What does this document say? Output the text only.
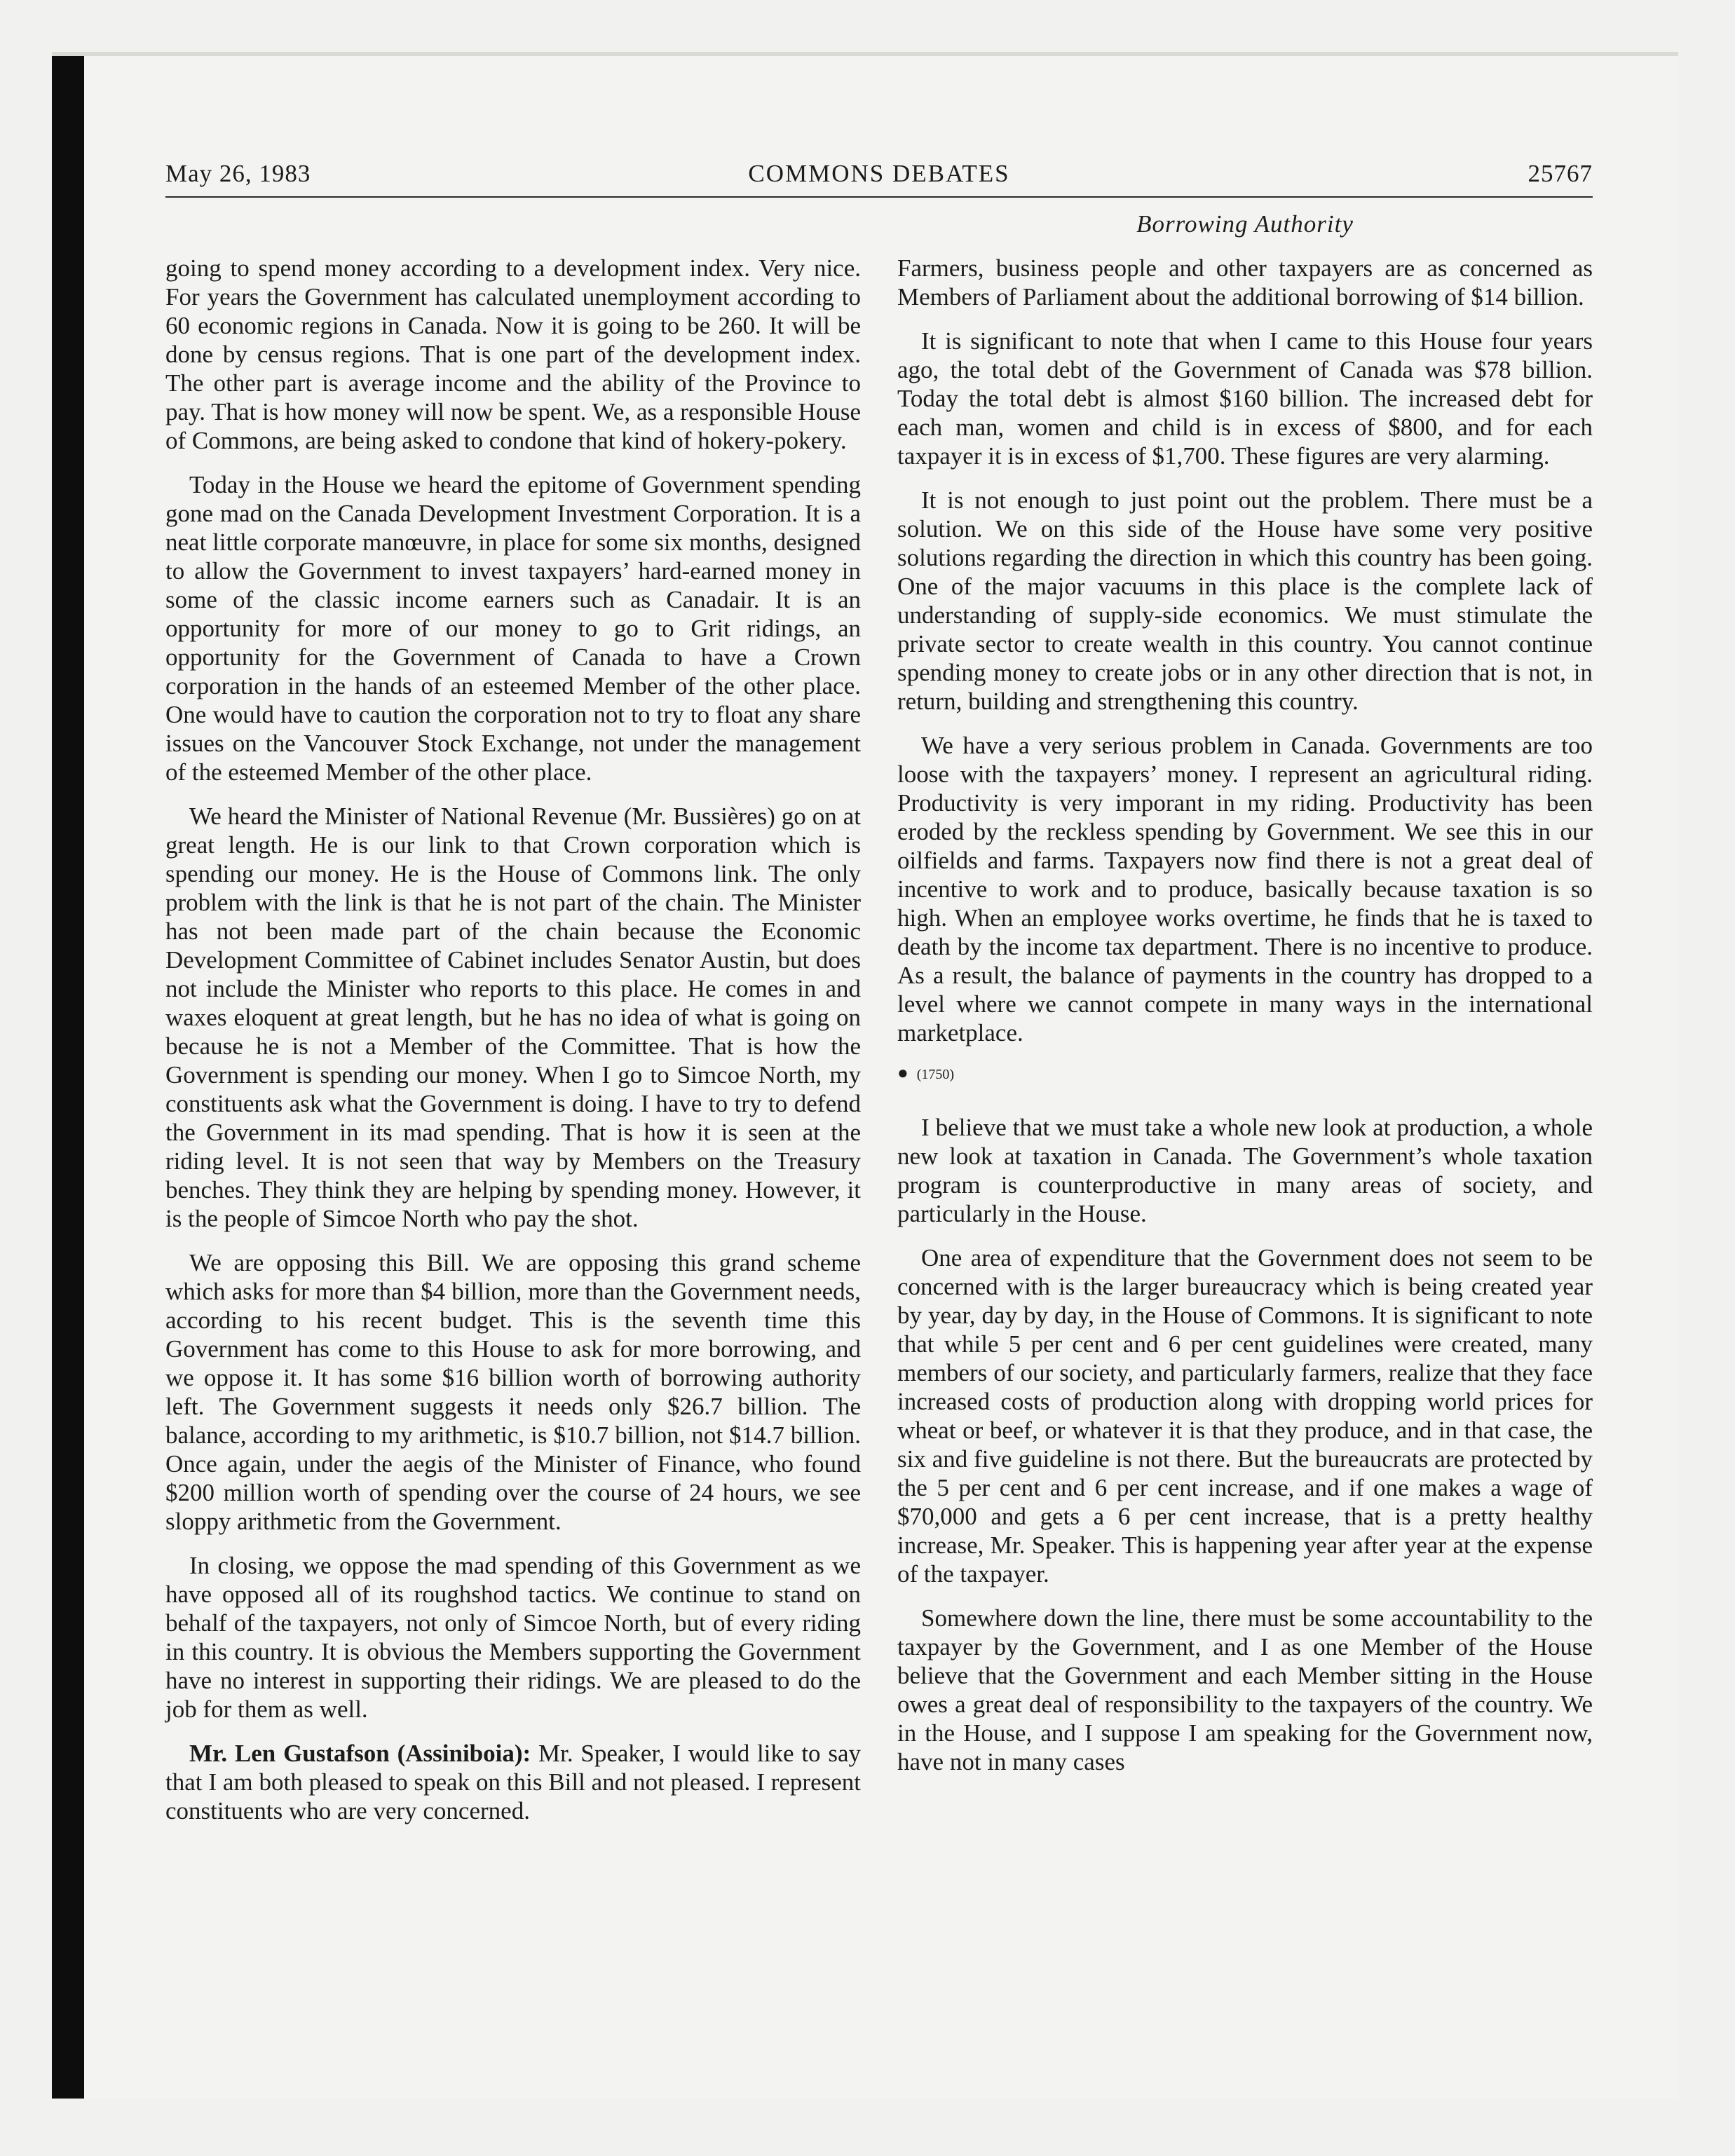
May 26, 1983	COMMONS DEBATES	25767
Borrowing Authority

going to spend money according to a development index. Very nice. For years the Government has calculated unemployment according to 60 economic regions in Canada. Now it is going to be 260. It will be done by census regions. That is one part of the development index. The other part is average income and the ability of the Province to pay. That is how money will now be spent. We, as a responsible House of Commons, are being asked to condone that kind of hokery-pokery.

Today in the House we heard the epitome of Government spending gone mad on the Canada Development Investment Corporation. It is a neat little corporate manœuvre, in place for some six months, designed to allow the Government to invest taxpayers’ hard-earned money in some of the classic income earners such as Canadair. It is an opportunity for more of our money to go to Grit ridings, an opportunity for the Government of Canada to have a Crown corporation in the hands of an esteemed Member of the other place. One would have to caution the corporation not to try to float any share issues on the Vancouver Stock Exchange, not under the management of the esteemed Member of the other place.

We heard the Minister of National Revenue (Mr. Bussières) go on at great length. He is our link to that Crown corporation which is spending our money. He is the House of Commons link. The only problem with the link is that he is not part of the chain. The Minister has not been made part of the chain because the Economic Development Committee of Cabinet includes Senator Austin, but does not include the Minister who reports to this place. He comes in and waxes eloquent at great length, but he has no idea of what is going on because he is not a Member of the Committee. That is how the Government is spending our money. When I go to Simcoe North, my constituents ask what the Government is doing. I have to try to defend the Government in its mad spending. That is how it is seen at the riding level. It is not seen that way by Members on the Treasury benches. They think they are helping by spending money. However, it is the people of Simcoe North who pay the shot.

We are opposing this Bill. We are opposing this grand scheme which asks for more than $4 billion, more than the Government needs, according to his recent budget. This is the seventh time this Government has come to this House to ask for more borrowing, and we oppose it. It has some $16 billion worth of borrowing authority left. The Government suggests it needs only $26.7 billion. The balance, according to my arithmetic, is $10.7 billion, not $14.7 billion. Once again, under the aegis of the Minister of Finance, who found $200 million worth of spending over the course of 24 hours, we see sloppy arithmetic from the Government.

In closing, we oppose the mad spending of this Government as we have opposed all of its roughshod tactics. We continue to stand on behalf of the taxpayers, not only of Simcoe North, but of every riding in this country. It is obvious the Members supporting the Government have no interest in supporting their ridings. We are pleased to do the job for them as well.

Mr. Len Gustafson (Assiniboia): Mr. Speaker, I would like to say that I am both pleased to speak on this Bill and not pleased. I represent constituents who are very concerned.

Farmers, business people and other taxpayers are as concerned as Members of Parliament about the additional borrowing of $14 billion.

It is significant to note that when I came to this House four years ago, the total debt of the Government of Canada was $78 billion. Today the total debt is almost $160 billion. The increased debt for each man, women and child is in excess of $800, and for each taxpayer it is in excess of $1,700. These figures are very alarming.

It is not enough to just point out the problem. There must be a solution. We on this side of the House have some very positive solutions regarding the direction in which this country has been going. One of the major vacuums in this place is the complete lack of understanding of supply-side economics. We must stimulate the private sector to create wealth in this country. You cannot continue spending money to create jobs or in any other direction that is not, in return, building and strengthening this country.

We have a very serious problem in Canada. Governments are too loose with the taxpayers’ money. I represent an agricultural riding. Productivity is very imporant in my riding. Productivity has been eroded by the reckless spending by Government. We see this in our oilfields and farms. Taxpayers now find there is not a great deal of incentive to work and to produce, basically because taxation is so high. When an employee works overtime, he finds that he is taxed to death by the income tax department. There is no incentive to produce. As a result, the balance of payments in the country has dropped to a level where we cannot compete in many ways in the international marketplace.

● (1750)

I believe that we must take a whole new look at production, a whole new look at taxation in Canada. The Government’s whole taxation program is counterproductive in many areas of society, and particularly in the House.

One area of expenditure that the Government does not seem to be concerned with is the larger bureaucracy which is being created year by year, day by day, in the House of Commons. It is significant to note that while 5 per cent and 6 per cent guidelines were created, many members of our society, and particularly farmers, realize that they face increased costs of production along with dropping world prices for wheat or beef, or whatever it is that they produce, and in that case, the six and five guideline is not there. But the bureaucrats are protected by the 5 per cent and 6 per cent increase, and if one makes a wage of $70,000 and gets a 6 per cent increase, that is a pretty healthy increase, Mr. Speaker. This is happening year after year at the expense of the taxpayer.

Somewhere down the line, there must be some accountability to the taxpayer by the Government, and I as one Member of the House believe that the Government and each Member sitting in the House owes a great deal of responsibility to the taxpayers of the country. We in the House, and I suppose I am speaking for the Government now, have not in many cases
